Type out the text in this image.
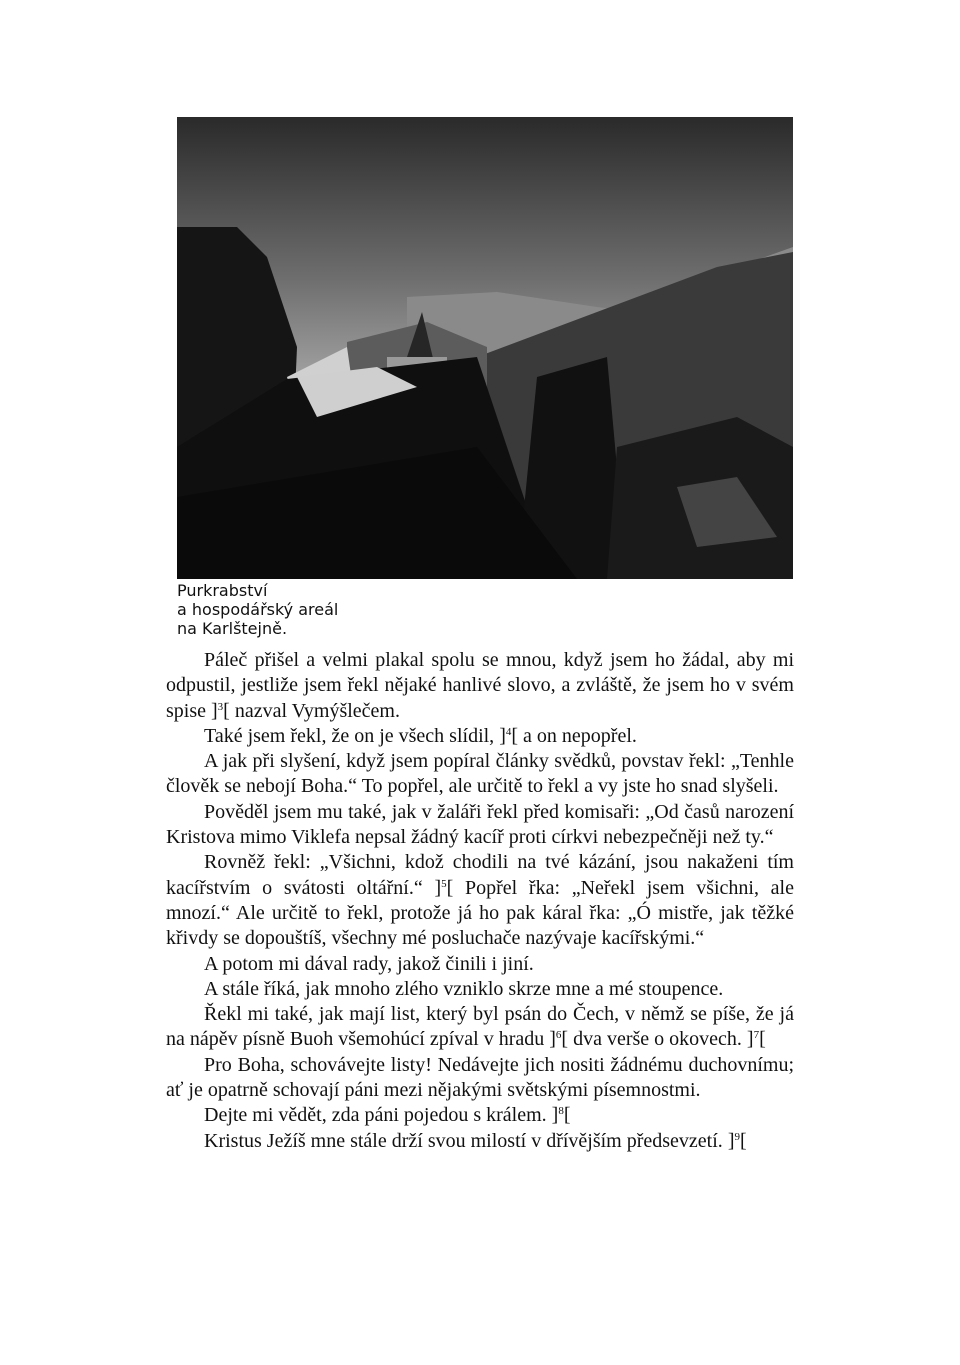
Purkrabství
a hospodářský areál
na Karlštejně.

Páleč přišel a velmi plakal spolu se mnou, když jsem ho žádal, aby mi odpustil, jestliže jsem řekl nějaké hanlivé slovo, a zvláště, že jsem ho v svém spise ]$^3$[ nazval Vymýšlečem.

Také jsem řekl, že on je všech slídil, ]$^4$[ a on nepopřel.

A jak při slyšení, když jsem popíral články svědků, povstav řekl: „Tenhle člověk se nebojí Boha.“ To popřel, ale určitě to řekl a vy jste ho snad slyšeli.

Pověděl jsem mu také, jak v žaláři řekl před komisaři: „Od časů narození Kristova mimo Viklefa nepsal žádný kacíř proti církvi nebezpečněji než ty.“

Rovněž řekl: „Všichni, kdož chodili na tvé kázání, jsou nakaženi tím kacířstvím o svátosti oltářní.“ ]$^5$[ Popřel řka: „Neřekl jsem všichni, ale mnozí.“ Ale určitě to řekl, protože já ho pak káral řka: „Ó mistře, jak těžké křivdy se dopouštíš, všechny mé posluchače nazývaje kacířskými.“

A potom mi dával rady, jakož činili i jiní.

A stále říká, jak mnoho zlého vzniklo skrze mne a mé stoupence.

Řekl mi také, jak mají list, který byl psán do Čech, v němž se píše, že já na nápěv písně Buoh všemohúcí zpíval v hradu ]$^6$[ dva verše o okovech. ]$^7$[

Pro Boha, schovávejte listy! Nedávejte jich nositi žádnému duchovnímu; ať je opatrně schovají páni mezi nějakými světskými písemnostmi.

Dejte mi vědět, zda páni pojedou s králem. ]$^8$[

Kristus Ježíš mne stále drží svou milostí v dřívějším předsevzetí. ]$^9$[
